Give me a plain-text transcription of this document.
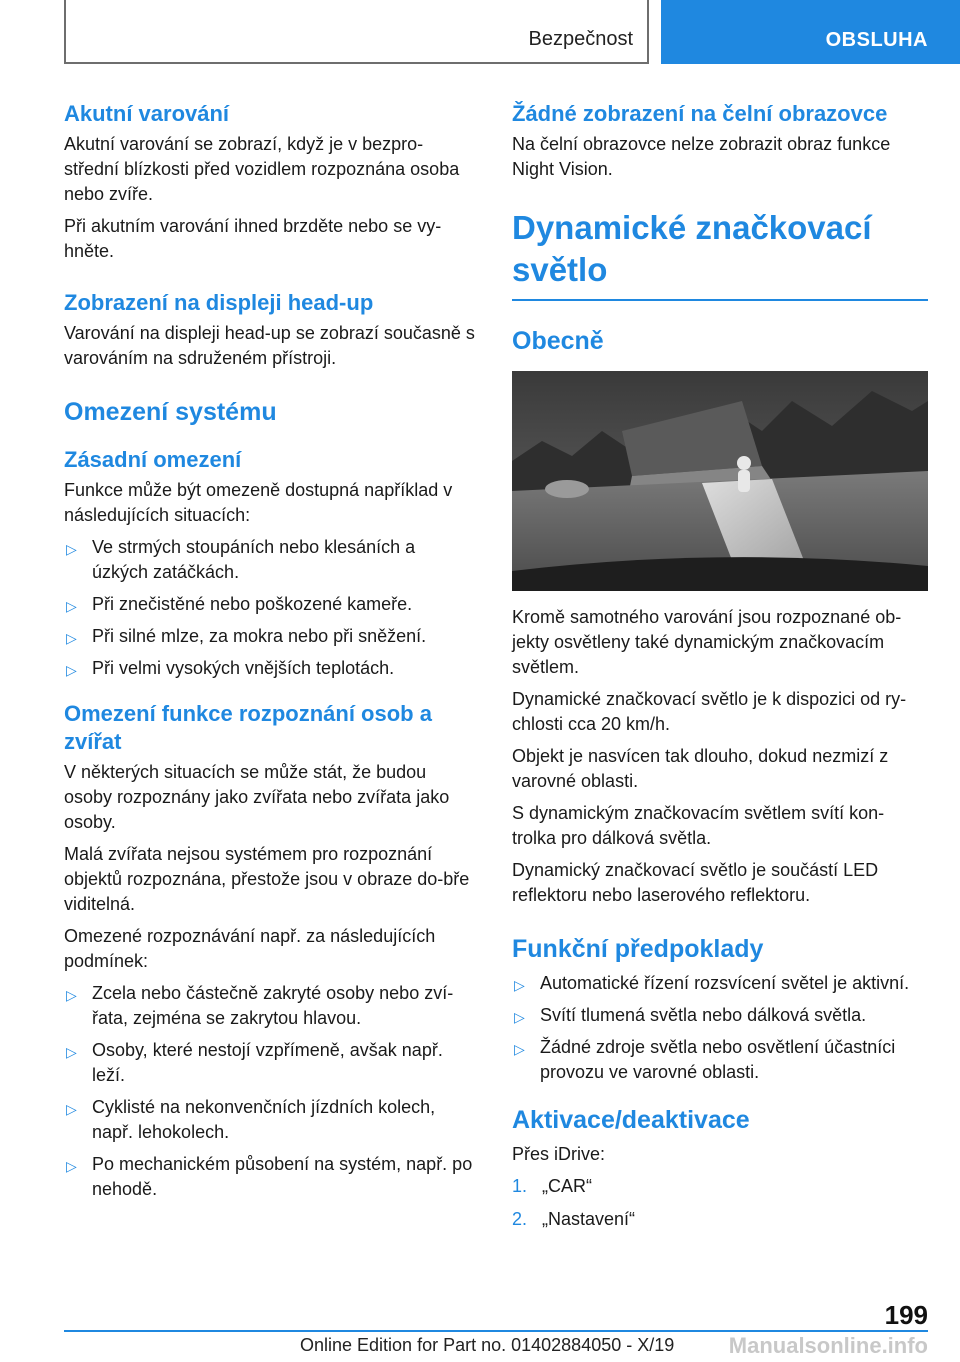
Bezpečnost	OBSLUHA
Akutní varování

Akutní varování se zobrazí, když je v bezpro-střední blízkosti před vozidlem rozpoznána osoba nebo zvíře.

Při akutním varování ihned brzděte nebo se vy-hněte.

Zobrazení na displeji head-up

Varování na displeji head-up se zobrazí současně s varováním na sdruženém přístroji.

Omezení systému
Zásadní omezení

Funkce může být omezeně dostupná například v následujících situacích:

▷ Ve strmých stoupáních nebo klesáních a úzkých zatáčkách.
▷ Při znečistěné nebo poškozené kameře.
▷ Při silné mlze, za mokra nebo při sněžení.
▷ Při velmi vysokých vnějších teplotách.
Omezení funkce rozpoznání osob a zvířat

V některých situacích se může stát, že budou osoby rozpoznány jako zvířata nebo zvířata jako osoby.

Malá zvířata nejsou systémem pro rozpoznání objektů rozpoznána, přestože jsou v obraze do-bře viditelná.

Omezené rozpoznávání např. za následujících podmínek:

▷ Zcela nebo částečně zakryté osoby nebo zví-řata, zejména se zakrytou hlavou.
▷ Osoby, které nestojí vzpřímeně, avšak např. leží.
▷ Cyklisté na nekonvenčních jízdních kolech, např. lehokolech.
▷ Po mechanickém působení na systém, např. po nehodě.
Žádné zobrazení na čelní obrazovce

Na čelní obrazovce nelze zobrazit obraz funkce Night Vision.

Dynamické značkovací světlo
Obecně

Kromě samotného varování jsou rozpoznané ob-jekty osvětleny také dynamickým značkovacím světlem.

Dynamické značkovací světlo je k dispozici od ry-chlosti cca 20 km/h.

Objekt je nasvícen tak dlouho, dokud nezmizí z varovné oblasti.

S dynamickým značkovacím světlem svítí kon-trolka pro dálková světla.

Dynamický značkovací světlo je součástí LED reflektoru nebo laserového reflektoru.

Funkční předpoklady
▷ Automatické řízení rozsvícení světel je aktivní.
▷ Svítí tlumená světla nebo dálková světla.
▷ Žádné zdroje světla nebo osvětlení účastníci provozu ve varovné oblasti.
Aktivace/deaktivace

Přes iDrive:

1. „CAR“
2. „Nastavení“
199
Online Edition for Part no. 01402884050 - X/19 Manualsonline.info
